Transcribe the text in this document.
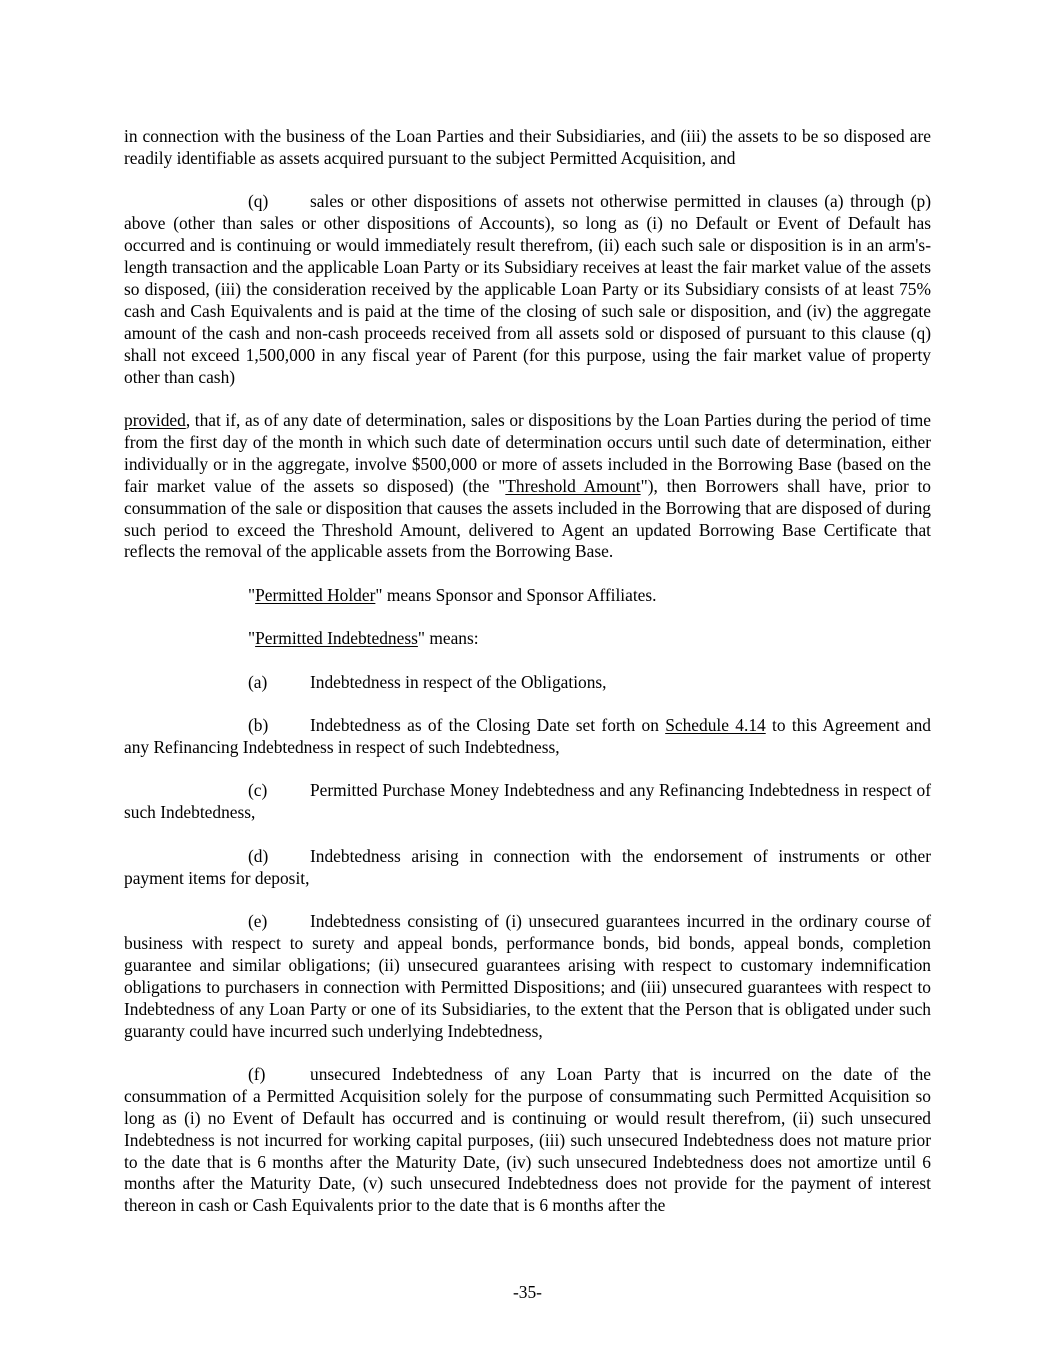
in connection with the business of the Loan Parties and their Subsidiaries, and (iii) the assets to be so disposed are readily identifiable as assets acquired pursuant to the subject Permitted Acquisition, and

(q) sales or other dispositions of assets not otherwise permitted in clauses (a) through (p) above (other than sales or other dispositions of Accounts), so long as (i) no Default or Event of Default has occurred and is continuing or would immediately result therefrom, (ii) each such sale or disposition is in an arm's-length transaction and the applicable Loan Party or its Subsidiary receives at least the fair market value of the assets so disposed, (iii) the consideration received by the applicable Loan Party or its Subsidiary consists of at least 75% cash and Cash Equivalents and is paid at the time of the closing of such sale or disposition, and (iv) the aggregate amount of the cash and non-cash proceeds received from all assets sold or disposed of pursuant to this clause (q) shall not exceed 1,500,000 in any fiscal year of Parent (for this purpose, using the fair market value of property other than cash)

provided, that if, as of any date of determination, sales or dispositions by the Loan Parties during the period of time from the first day of the month in which such date of determination occurs until such date of determination, either individually or in the aggregate, involve $500,000 or more of assets included in the Borrowing Base (based on the fair market value of the assets so disposed) (the "Threshold Amount"), then Borrowers shall have, prior to consummation of the sale or disposition that causes the assets included in the Borrowing that are disposed of during such period to exceed the Threshold Amount, delivered to Agent an updated Borrowing Base Certificate that reflects the removal of the applicable assets from the Borrowing Base.

"Permitted Holder" means Sponsor and Sponsor Affiliates.

"Permitted Indebtedness" means:

(a) Indebtedness in respect of the Obligations,

(b) Indebtedness as of the Closing Date set forth on Schedule 4.14 to this Agreement and any Refinancing Indebtedness in respect of such Indebtedness,

(c) Permitted Purchase Money Indebtedness and any Refinancing Indebtedness in respect of such Indebtedness,

(d) Indebtedness arising in connection with the endorsement of instruments or other payment items for deposit,

(e) Indebtedness consisting of (i) unsecured guarantees incurred in the ordinary course of business with respect to surety and appeal bonds, performance bonds, bid bonds, appeal bonds, completion guarantee and similar obligations; (ii) unsecured guarantees arising with respect to customary indemnification obligations to purchasers in connection with Permitted Dispositions; and (iii) unsecured guarantees with respect to Indebtedness of any Loan Party or one of its Subsidiaries, to the extent that the Person that is obligated under such guaranty could have incurred such underlying Indebtedness,

(f)	unsecured Indebtedness of any Loan Party that is incurred on the date of the consummation of a Permitted Acquisition solely for the purpose of consummating such Permitted Acquisition so long as (i) no Event of Default has occurred and is continuing or would result therefrom, (ii) such unsecured Indebtedness is not incurred for working capital purposes, (iii) such unsecured Indebtedness does not mature prior to the date that is 6 months after the Maturity Date, (iv) such unsecured Indebtedness does not amortize until 6 months after the Maturity Date, (v) such unsecured Indebtedness does not provide for the payment of interest thereon in cash or Cash Equivalents prior to the date that is 6 months after the

-35-
